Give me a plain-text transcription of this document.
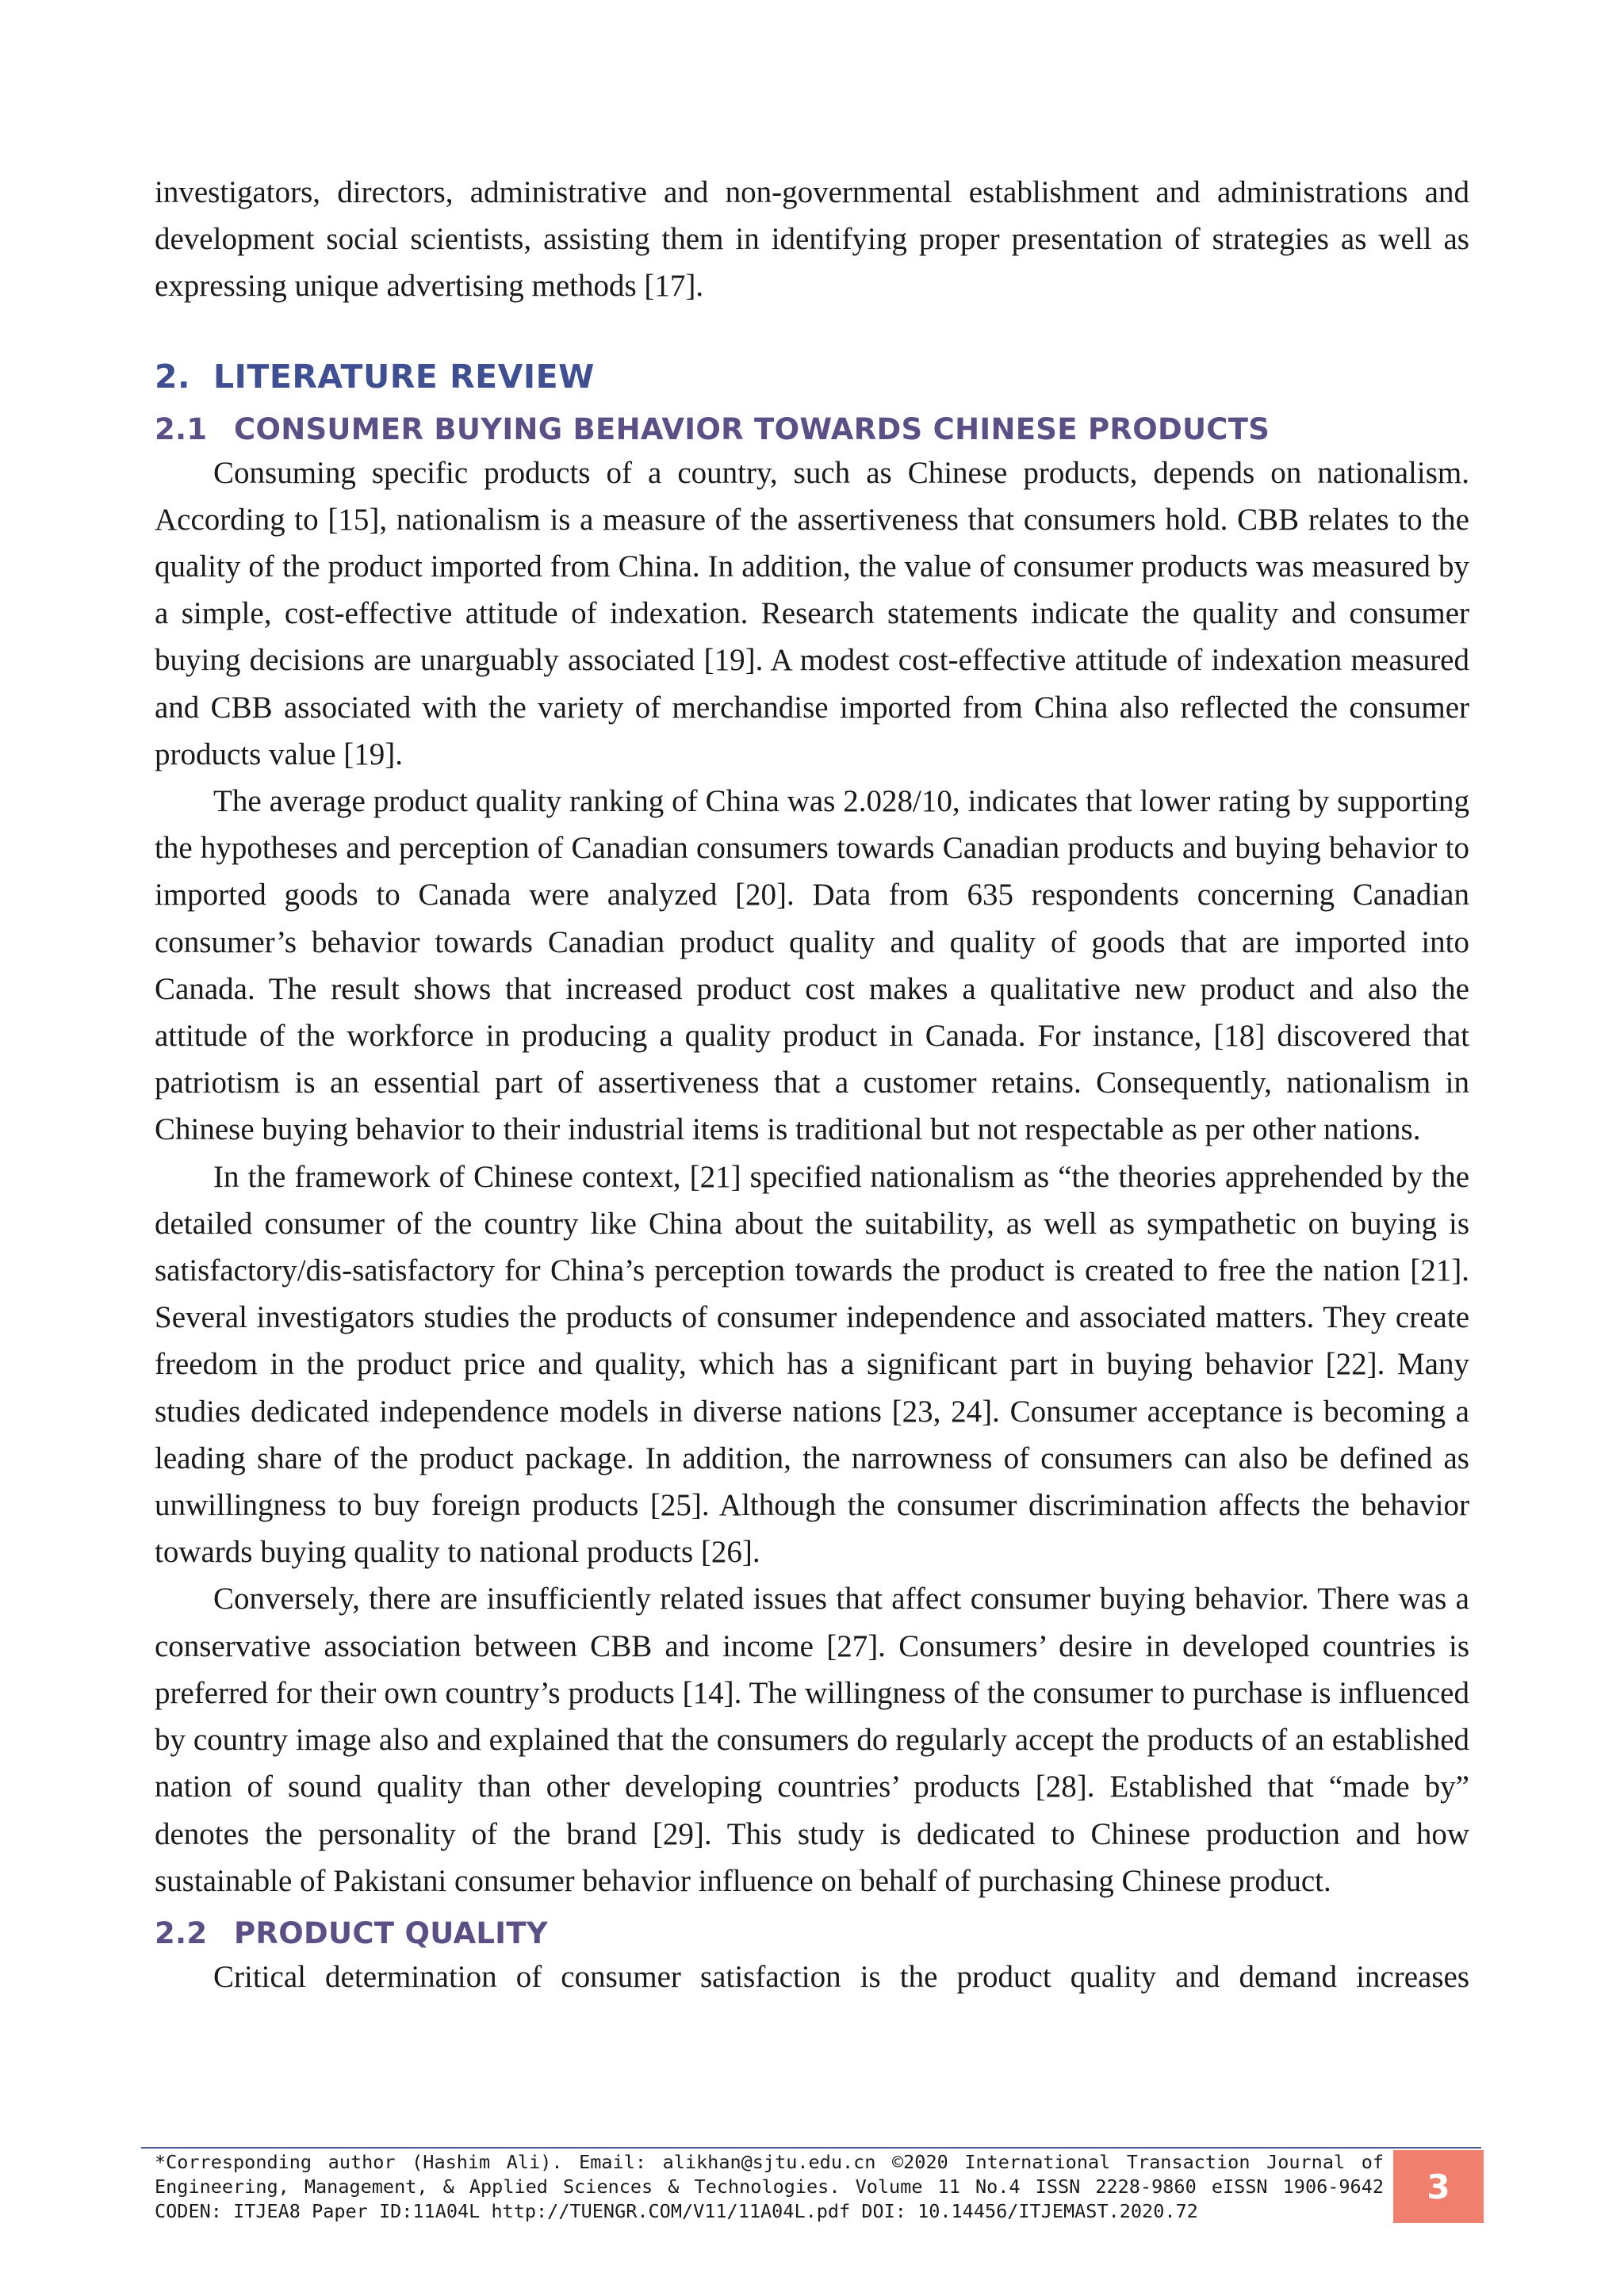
investigators, directors, administrative and non-governmental establishment and administrations and development social scientists, assisting them in identifying proper presentation of strategies as well as expressing unique advertising methods [17].

2. LITERATURE REVIEW
2.1 CONSUMER BUYING BEHAVIOR TOWARDS CHINESE PRODUCTS

Consuming specific products of a country, such as Chinese products, depends on nationalism. According to [15], nationalism is a measure of the assertiveness that consumers hold. CBB relates to the quality of the product imported from China. In addition, the value of consumer products was measured by a simple, cost-effective attitude of indexation. Research statements indicate the quality and consumer buying decisions are unarguably associated [19]. A modest cost-effective attitude of indexation measured and CBB associated with the variety of merchandise imported from China also reflected the consumer products value [19].

The average product quality ranking of China was 2.028/10, indicates that lower rating by supporting the hypotheses and perception of Canadian consumers towards Canadian products and buying behavior to imported goods to Canada were analyzed [20]. Data from 635 respondents concerning Canadian consumer’s behavior towards Canadian product quality and quality of goods that are imported into Canada. The result shows that increased product cost makes a qualitative new product and also the attitude of the workforce in producing a quality product in Canada. For instance, [18] discovered that patriotism is an essential part of assertiveness that a customer retains. Consequently, nationalism in Chinese buying behavior to their industrial items is traditional but not respectable as per other nations.

In the framework of Chinese context, [21] specified nationalism as “the theories apprehended by the detailed consumer of the country like China about the suitability, as well as sympathetic on buying is satisfactory/dis-satisfactory for China’s perception towards the product is created to free the nation [21]. Several investigators studies the products of consumer independence and associated matters. They create freedom in the product price and quality, which has a significant part in buying behavior [22]. Many studies dedicated independence models in diverse nations [23, 24]. Consumer acceptance is becoming a leading share of the product package. In addition, the narrowness of consumers can also be defined as unwillingness to buy foreign products [25]. Although the consumer discrimination affects the behavior towards buying quality to national products [26].

Conversely, there are insufficiently related issues that affect consumer buying behavior. There was a conservative association between CBB and income [27]. Consumers’ desire in developed countries is preferred for their own country’s products [14]. The willingness of the consumer to purchase is influenced by country image also and explained that the consumers do regularly accept the products of an established nation of sound quality than other developing countries’ products [28]. Established that “made by” denotes the personality of the brand [29]. This study is dedicated to Chinese production and how sustainable of Pakistani consumer behavior influence on behalf of purchasing Chinese product.

2.2 PRODUCT QUALITY

Critical determination of consumer satisfaction is the product quality and demand increases

*Corresponding author (Hashim Ali). Email: alikhan@sjtu.edu.cn ©2020 International Transaction Journal of Engineering, Management, & Applied Sciences & Technologies. Volume 11 No.4 ISSN 2228-9860 eISSN 1906-9642 CODEN: ITJEA8 Paper ID:11A04L http://TUENGR.COM/V11/11A04L.pdf DOI: 10.14456/ITJEMAST.2020.72
3
